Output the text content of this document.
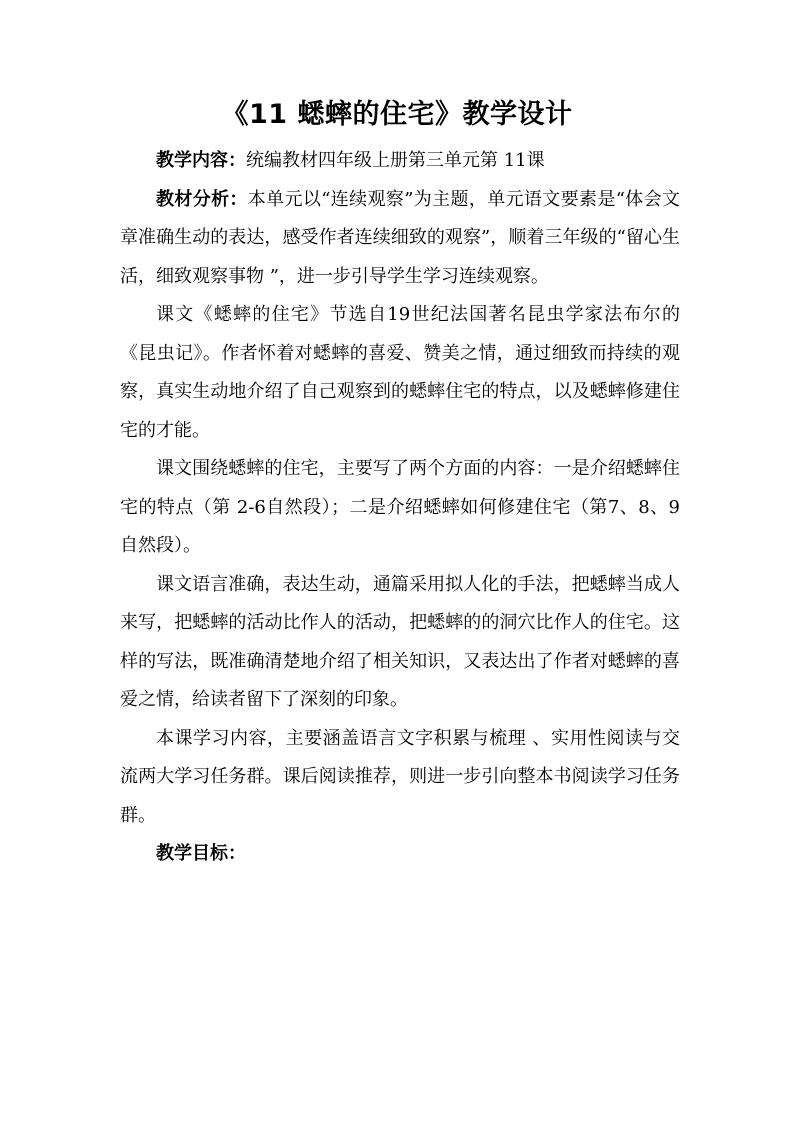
《11 蟋蟀的住宅》教学设计

教学内容：统编教材四年级上册第三单元第 11课

教材分析：本单元以“连续观察”为主题，单元语文要素是“体会文章准确生动的表达，感受作者连续细致的观察”，顺着三年级的“留心生活，细致观察事物 ”，进一步引导学生学习连续观察。

课文《蟋蟀的住宅》节选自19世纪法国著名昆虫学家法布尔的《昆虫记》。作者怀着对蟋蟀的喜爱、赞美之情，通过细致而持续的观察，真实生动地介绍了自己观察到的蟋蟀住宅的特点，以及蟋蟀修建住宅的才能。

课文围绕蟋蟀的住宅，主要写了两个方面的内容：一是介绍蟋蟀住宅的特点（第 2-6自然段）；二是介绍蟋蟀如何修建住宅（第7、8、9自然段）。

课文语言准确，表达生动，通篇采用拟人化的手法，把蟋蟀当成人来写，把蟋蟀的活动比作人的活动，把蟋蟀的的洞穴比作人的住宅。这样的写法，既准确清楚地介绍了相关知识，又表达出了作者对蟋蟀的喜爱之情，给读者留下了深刻的印象。

本课学习内容，主要涵盖语言文字积累与梳理 、实用性阅读与交流两大学习任务群。课后阅读推荐，则进一步引向整本书阅读学习任务群。

教学目标：
